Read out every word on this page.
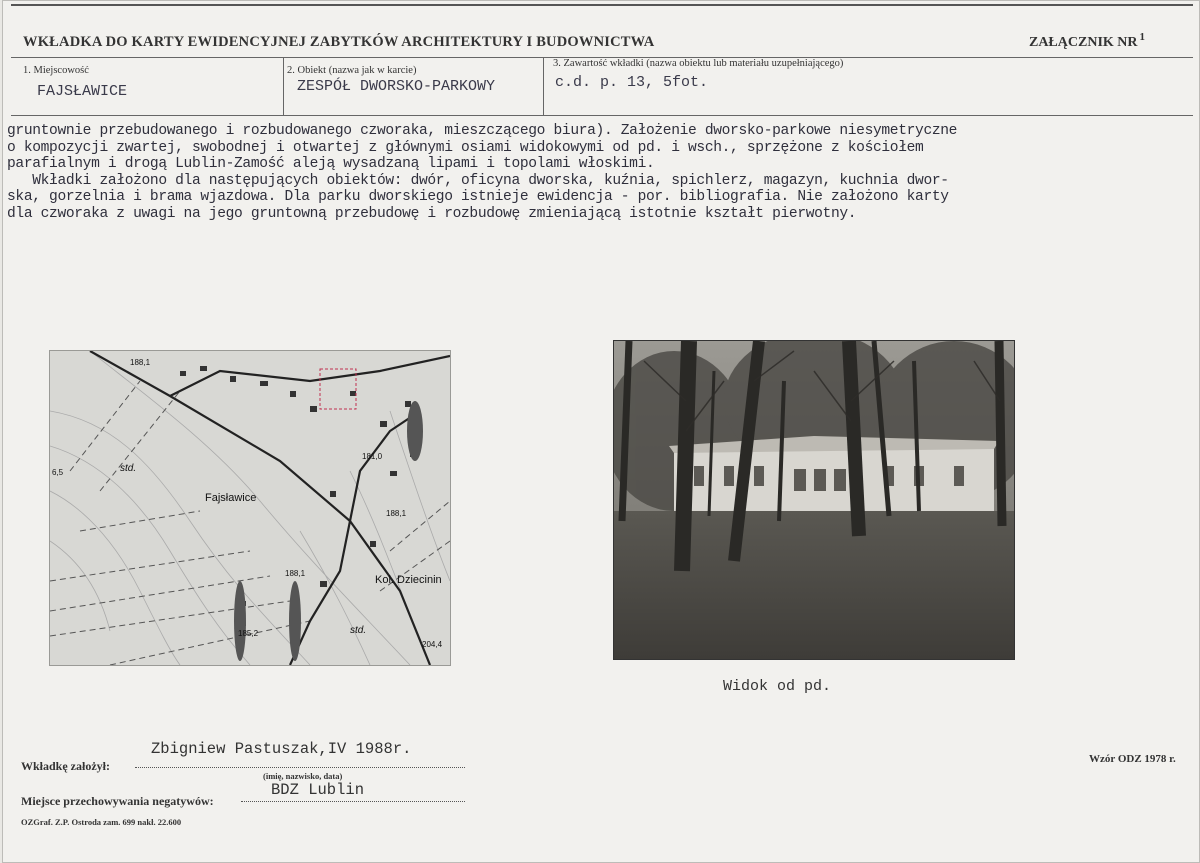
WKŁADKA DO KARTY EWIDENCYJNEJ ZABYTKÓW ARCHITEKTURY I BUDOWNICTWA	ZAŁĄCZNIK NR $^1$
1. Miejscowość
FAJSŁAWICE
2. Obiekt (nazwa jak w karcie)
ZESPÓŁ DWORSKO-PARKOWY
3. Zawartość wkładki (nazwa obiektu lub materiału uzupełniającego)
c.d. p. 13, 5fot.
gruntownie przebudowanego i rozbudowanego czworaka, mieszczącego biura). Założenie dworsko-parkowe niesymetryczne
o kompozycji zwartej, swobodnej i otwartej z głównymi osiami widokowymi od pd. i wsch., sprzężone z kościołem
parafialnym i drogą Lublin-Zamość aleją wysadzaną lipami i topolami włoskimi.
Wkładki założono dla następujących obiektów: dwór, oficyna dworska, kuźnia, spichlerz, magazyn, kuchnia dwor-
ska, gorzelnia i brama wjazdowa. Dla parku dworskiego istnieje ewidencja - por. bibliografia. Nie założono karty
dla czworaka z uwagi na jego gruntowną przebudowę i rozbudowę zmieniającą istotnie kształt pierwotny.
Fajsławice
Kol. Dziecinin
std.
std.
188,1
181,0
188,1
185,2
204,4
188,1
6,5
Widok od pd.
Wkładkę założył:
Zbigniew Pastuszak,IV 1988r.
(imię, nazwisko, data)
Miejsce przechowywania negatywów:
BDZ Lublin
Wzór ODZ 1978 r.
OZGraf. Z.P. Ostroda zam. 699 nakł. 22.600
